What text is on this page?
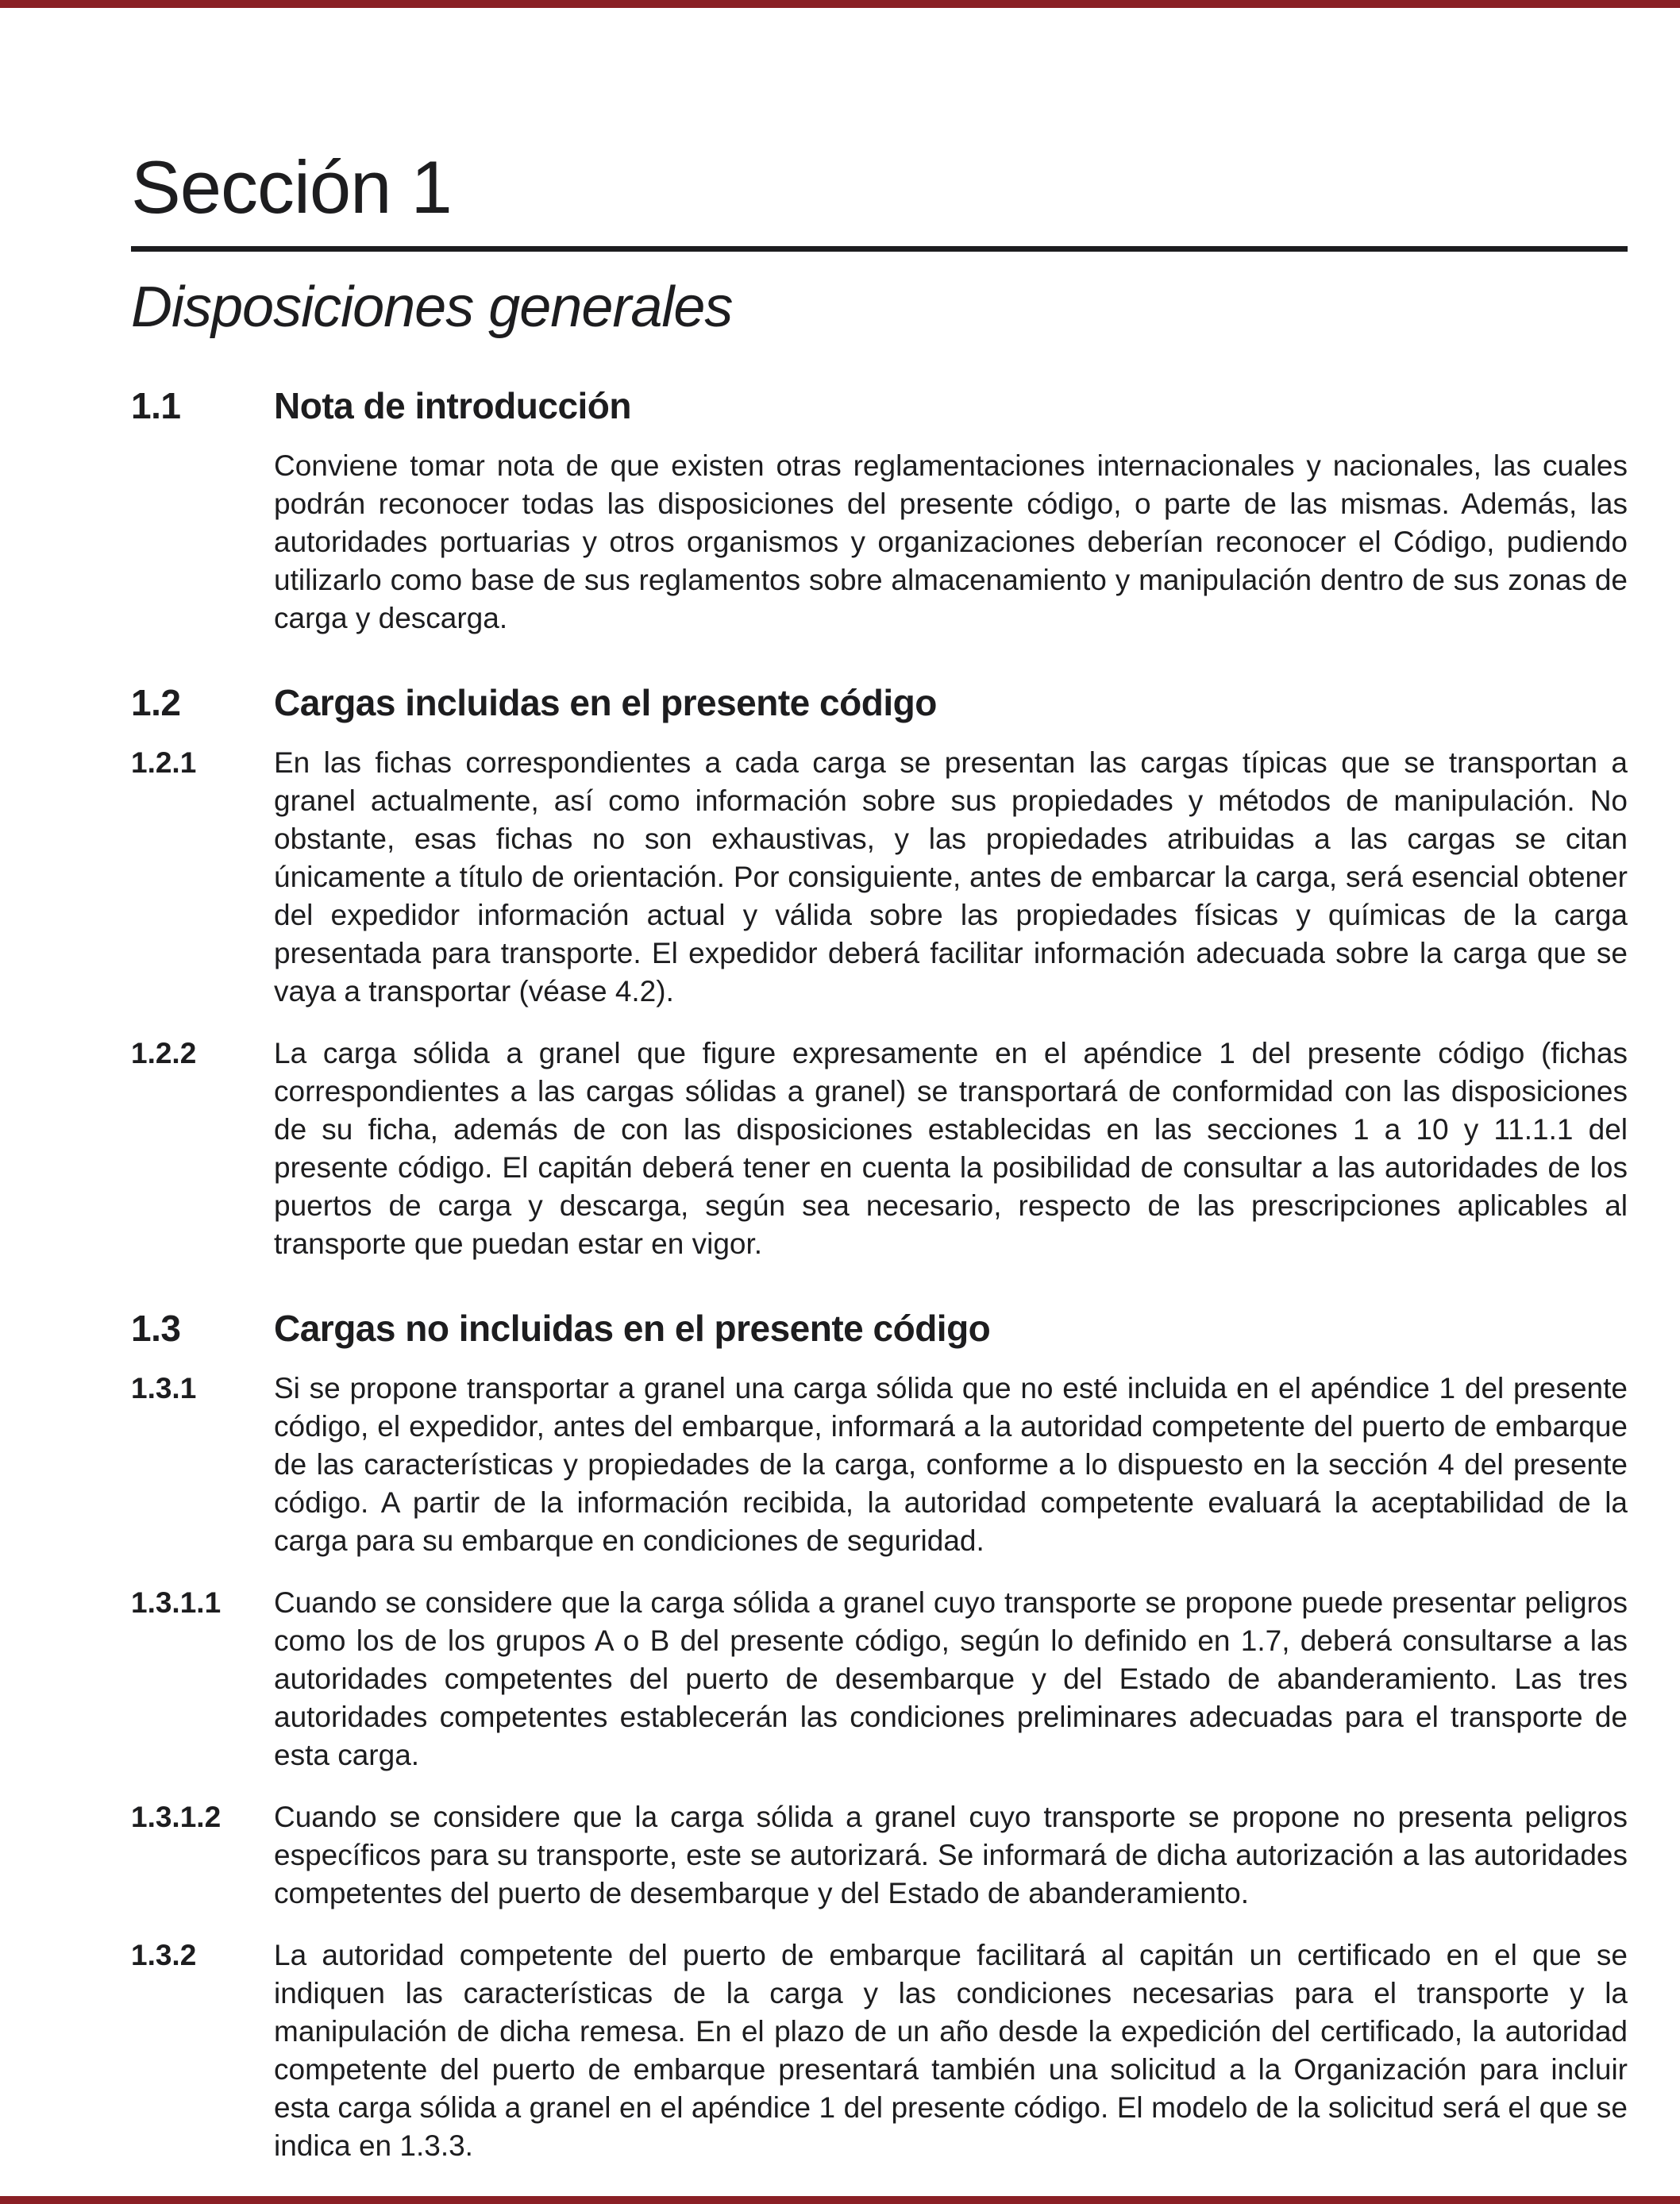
Sección 1
Disposiciones generales
1.1	Nota de introducción
Conviene tomar nota de que existen otras reglamentaciones internacionales y nacionales, las cuales podrán reconocer todas las disposiciones del presente código, o parte de las mismas. Además, las autoridades portuarias y otros organismos y organizaciones deberían reconocer el Código, pudiendo utilizarlo como base de sus reglamentos sobre almacenamiento y manipulación dentro de sus zonas de carga y descarga.
1.2	Cargas incluidas en el presente código
1.2.1	En las fichas correspondientes a cada carga se presentan las cargas típicas que se transportan a granel actualmente, así como información sobre sus propiedades y métodos de manipulación. No obstante, esas fichas no son exhaustivas, y las propiedades atribuidas a las cargas se citan únicamente a título de orientación. Por consiguiente, antes de embarcar la carga, será esencial obtener del expedidor información actual y válida sobre las propiedades físicas y químicas de la carga presentada para transporte. El expedidor deberá facilitar información adecuada sobre la carga que se vaya a transportar (véase 4.2).
1.2.2	La carga sólida a granel que figure expresamente en el apéndice 1 del presente código (fichas correspondientes a las cargas sólidas a granel) se transportará de conformidad con las disposiciones de su ficha, además de con las disposiciones establecidas en las secciones 1 a 10 y 11.1.1 del presente código. El capitán deberá tener en cuenta la posibilidad de consultar a las autoridades de los puertos de carga y descarga, según sea necesario, respecto de las prescripciones aplicables al transporte que puedan estar en vigor.
1.3	Cargas no incluidas en el presente código
1.3.1	Si se propone transportar a granel una carga sólida que no esté incluida en el apéndice 1 del presente código, el expedidor, antes del embarque, informará a la autoridad competente del puerto de embarque de las características y propiedades de la carga, conforme a lo dispuesto en la sección 4 del presente código. A partir de la información recibida, la autoridad competente evaluará la aceptabilidad de la carga para su embarque en condiciones de seguridad.
1.3.1.1	Cuando se considere que la carga sólida a granel cuyo transporte se propone puede presentar peligros como los de los grupos A o B del presente código, según lo definido en 1.7, deberá consultarse a las autoridades competentes del puerto de desembarque y del Estado de abanderamiento. Las tres autoridades competentes establecerán las condiciones preliminares adecuadas para el transporte de esta carga.
1.3.1.2	Cuando se considere que la carga sólida a granel cuyo transporte se propone no presenta peligros específicos para su transporte, este se autorizará. Se informará de dicha autorización a las autoridades competentes del puerto de desembarque y del Estado de abanderamiento.
1.3.2	La autoridad competente del puerto de embarque facilitará al capitán un certificado en el que se indiquen las características de la carga y las condiciones necesarias para el transporte y la manipulación de dicha remesa. En el plazo de un año desde la expedición del certificado, la autoridad competente del puerto de embarque presentará también una solicitud a la Organización para incluir esta carga sólida a granel en el apéndice 1 del presente código. El modelo de la solicitud será el que se indica en 1.3.3.
